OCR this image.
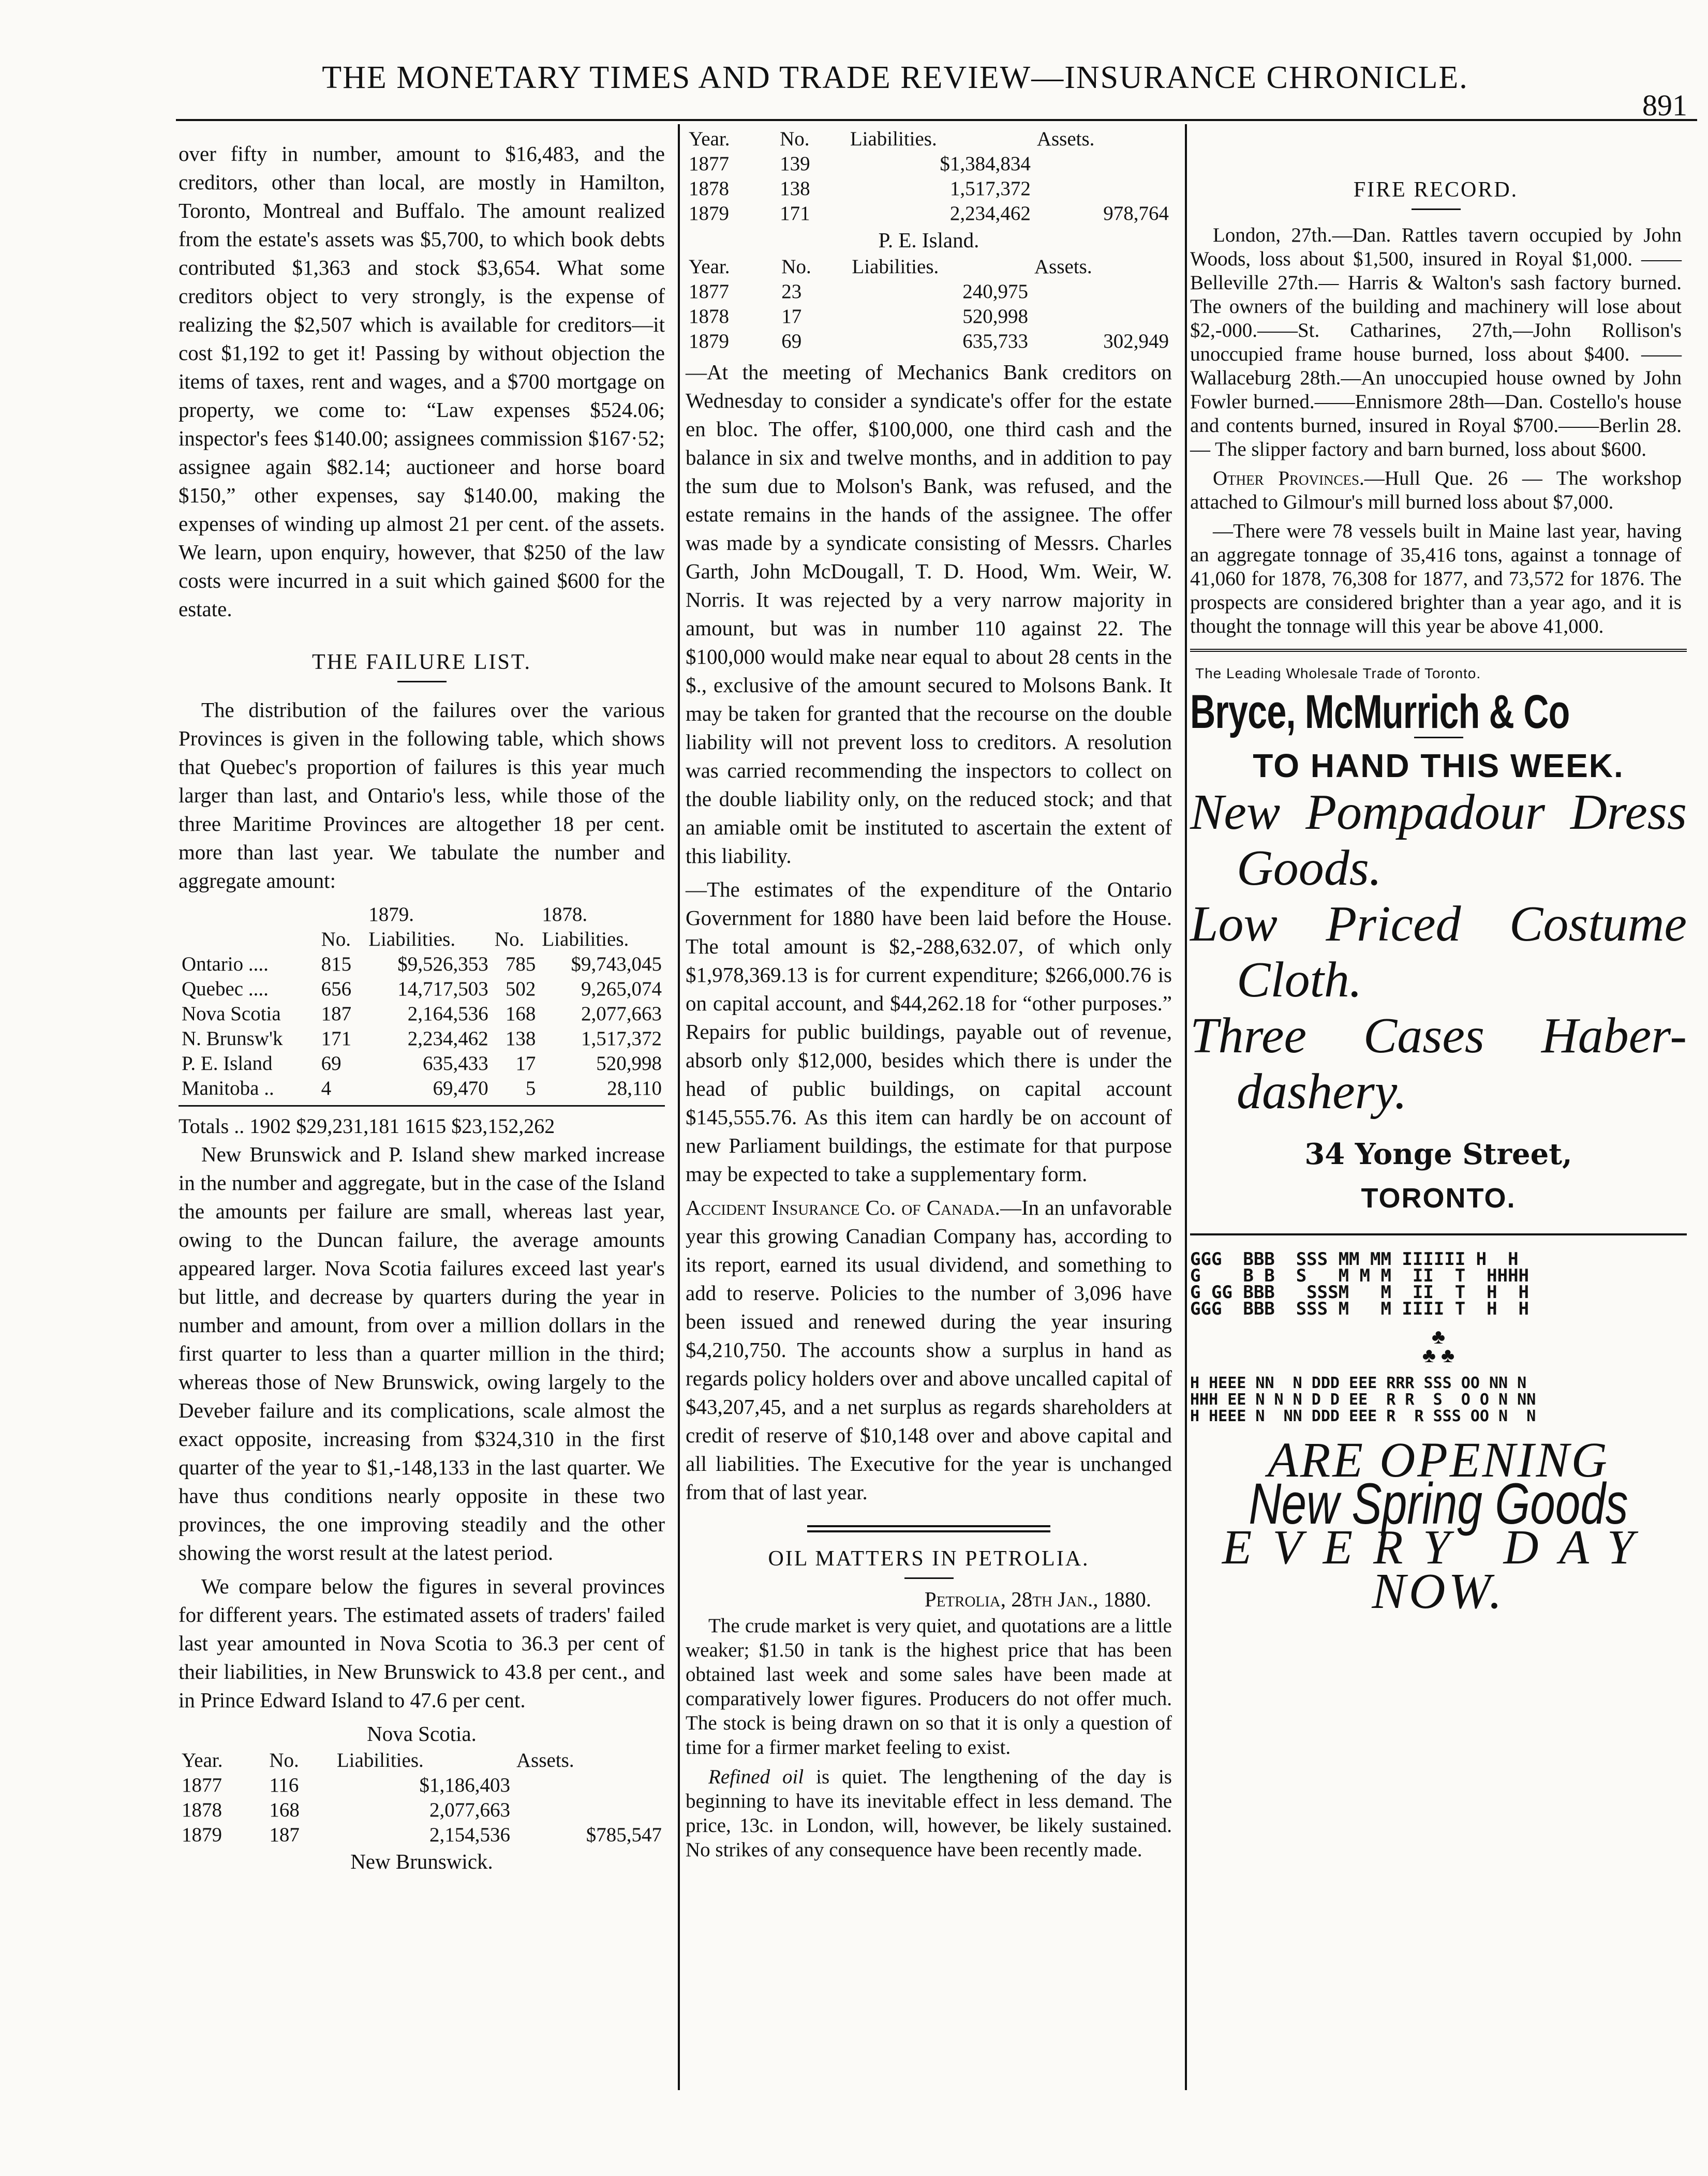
THE MONETARY TIMES AND TRADE REVIEW—INSURANCE CHRONICLE.
891

over fifty in number, amount to $16,483, and the creditors, other than local, are mostly in Hamilton, Toronto, Montreal and Buffalo. The amount realized from the estate's assets was $5,700, to which book debts contributed $1,363 and stock $3,654. What some creditors object to very strongly, is the expense of realizing the $2,507 which is available for creditors—it cost $1,192 to get it! Passing by without objection the items of taxes, rent and wages, and a $700 mortgage on property, we come to: “Law expenses $524.06; inspector's fees $140.00; assignees commission $167·52; assignee again $82.14; auctioneer and horse board $150,” other expenses, say $140.00, making the expenses of winding up almost 21 per cent. of the assets. We learn, upon enquiry, however, that $250 of the law costs were incurred in a suit which gained $600 for the estate.

THE FAILURE LIST.

The distribution of the failures over the various Provinces is given in the following table, which shows that Quebec's proportion of failures is this year much larger than last, and Ontario's less, while those of the three Maritime Provinces are altogether 18 per cent. more than last year. We tabulate the number and aggregate amount:

		1879.		1878.
	No.	Liabilities.	No.	Liabilities.
Ontario ....	815	$9,526,353	785	$9,743,045
Quebec ....	656	14,717,503	502	9,265,074
Nova Scotia	187	2,164,536	168	2,077,663
N. Brunsw'k	171	2,234,462	138	1,517,372
P. E. Island	69	635,433	17	520,998
Manitoba ..	4	69,470	5	28,110
Totals .. 1902 $29,231,181 1615 $23,152,262

New Brunswick and P. Island shew marked increase in the number and aggregate, but in the case of the Island the amounts per failure are small, whereas last year, owing to the Duncan failure, the average amounts appeared larger. Nova Scotia failures exceed last year's but little, and decrease by quarters during the year in number and amount, from over a million dollars in the first quarter to less than a quarter million in the third; whereas those of New Brunswick, owing largely to the Deveber failure and its complications, scale almost the exact opposite, increasing from $324,310 in the first quarter of the year to $1,-148,133 in the last quarter. We have thus conditions nearly opposite in these two provinces, the one improving steadily and the other showing the worst result at the latest period.

We compare below the figures in several provinces for different years. The estimated assets of traders' failed last year amounted in Nova Scotia to 36.3 per cent of their liabilities, in New Brunswick to 43.8 per cent., and in Prince Edward Island to 47.6 per cent.

Nova Scotia.
Year.	No.	Liabilities.	Assets.
1877	116	$1,186,403	
1878	168	2,077,663	
1879	187	2,154,536	$785,547
New Brunswick.
Year.	No.	Liabilities.	Assets.
1877	139	$1,384,834	
1878	138	1,517,372	
1879	171	2,234,462	978,764
P. E. Island.
Year.	No.	Liabilities.	Assets.
1877	23	240,975	
1878	17	520,998	
1879	69	635,733	302,949

—At the meeting of Mechanics Bank creditors on Wednesday to consider a syndicate's offer for the estate en bloc. The offer, $100,000, one third cash and the balance in six and twelve months, and in addition to pay the sum due to Molson's Bank, was refused, and the estate remains in the hands of the assignee. The offer was made by a syndicate consisting of Messrs. Charles Garth, John McDougall, T. D. Hood, Wm. Weir, W. Norris. It was rejected by a very narrow majority in amount, but was in number 110 against 22. The $100,000 would make near equal to about 28 cents in the $., exclusive of the amount secured to Molsons Bank. It may be taken for granted that the recourse on the double liability will not prevent loss to creditors. A resolution was carried recommending the inspectors to collect on the double liability only, on the reduced stock; and that an amiable omit be instituted to ascertain the extent of this liability.

—The estimates of the expenditure of the Ontario Government for 1880 have been laid before the House. The total amount is $2,-288,632.07, of which only $1,978,369.13 is for current expenditure; $266,000.76 is on capital account, and $44,262.18 for “other purposes.” Repairs for public buildings, payable out of revenue, absorb only $12,000, besides which there is under the head of public buildings, on capital account $145,555.76. As this item can hardly be on account of new Parliament buildings, the estimate for that purpose may be expected to take a supplementary form.

Accident Insurance Co. of Canada.—In an unfavorable year this growing Canadian Company has, according to its report, earned its usual dividend, and something to add to reserve. Policies to the number of 3,096 have been issued and renewed during the year insuring $4,210,750. The accounts show a surplus in hand as regards policy holders over and above uncalled capital of $43,207,45, and a net surplus as regards shareholders at credit of reserve of $10,148 over and above capital and all liabilities. The Executive for the year is unchanged from that of last year.

OIL MATTERS IN PETROLIA.
Petrolia, 28th Jan., 1880.

The crude market is very quiet, and quotations are a little weaker; $1.50 in tank is the highest price that has been obtained last week and some sales have been made at comparatively lower figures. Producers do not offer much. The stock is being drawn on so that it is only a question of time for a firmer market feeling to exist.

Refined oil is quiet. The lengthening of the day is beginning to have its inevitable effect in less demand. The price, 13c. in London, will, however, be likely sustained. No strikes of any consequence have been recently made.

FIRE RECORD.

London, 27th.—Dan. Rattles tavern occupied by John Woods, loss about $1,500, insured in Royal $1,000. —— Belleville 27th.— Harris & Walton's sash factory burned. The owners of the building and machinery will lose about $2,-000.——St. Catharines, 27th,—John Rollison's unoccupied frame house burned, loss about $400. —— Wallaceburg 28th.—An unoccupied house owned by John Fowler burned.——Ennismore 28th—Dan. Costello's house and contents burned, insured in Royal $700.——Berlin 28.— The slipper factory and barn burned, loss about $600.

Other Provinces.—Hull Que. 26 — The workshop attached to Gilmour's mill burned loss about $7,000.

—There were 78 vessels built in Maine last year, having an aggregate tonnage of 35,416 tons, against a tonnage of 41,060 for 1878, 76,308 for 1877, and 73,572 for 1876. The prospects are considered brighter than a year ago, and it is thought the tonnage will this year be above 41,000.

The Leading Wholesale Trade of Toronto.
Bryce, McMurrich & Co
TO HAND THIS WEEK.
New Pompadour Dress
Goods.
Low Priced Costume
Cloth.
Three Cases Haber-
dashery.
34 Yonge Street,
TORONTO.
GGG  BBB  SSS MM MM IIIIII H  H
G    B B  S   M M M  II  T  HHHH
G GG BBB   SSSM   M  II  T  H  H
GGG  BBB  SSS M   M IIII T  H  H
♣
♣ ♣
H HEEE NN  N DDD EEE RRR SSS OO NN N
HHH EE N N N D D EE  R R  S  O O N NN
H HEEE N  NN DDD EEE R  R SSS OO N  N
ARE OPENING
New Spring Goods
EVERY DAY
NOW.
